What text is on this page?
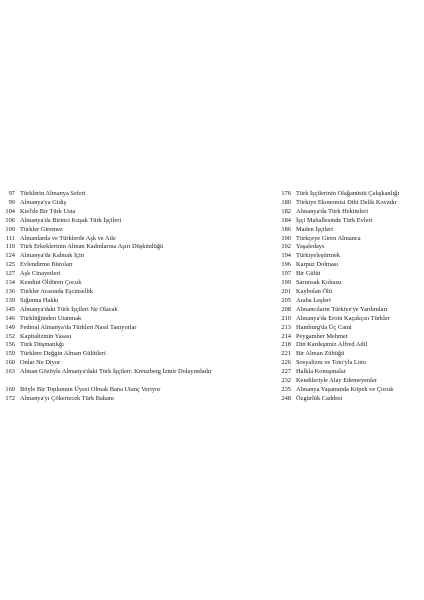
97 Türklerin Almanya Seferi
99 Almanya'ya Gidiş
104 Kiel'de Bir Türk Usta
106 Almanya'da Birinci Kuşak Türk İşçileri
109 Türkler Giremez
111 Almanlarda ve Türklerde Aşk ve Aile
119 Türk Erkeklerinin Alman Kadınlarına Aşırı Düşkünlüğü
124 Almanya'da Kalmak İçin
125 Evlendirme Büroları
127 Aşk Cinayetleri
134 Kendini Öldüren Çocuk
136 Türkler Arasında Eşcinsellik
139 Sığınma Hakkı
145 Almanya'daki Türk İşçileri Ne Olacak
146 Türklüğünden Utanmak
149 Federal Almanya'da Türkleri Nasıl Tanıyorlar
152 Kapitalizmin Yasası
156 Türk Düşmanlığı
159 Türklere Değgin Alman Gülütleri
160 Onlar Ne Diyor
163 Alman Gözüyle Almanya'daki Türk İşçileri: Kreuzberg İzmir Dolayındadır
169 Böyle Bir Toplumun Üyesi Olmak Bana Utanç Veriyor
172 Almanya'yı Çökertecek Türk Bakanı
176 Türk İşçilerinin Olağanüstü Çalışkanlığı
180 Türkiye Ekonomisi Dibi Delik Kovadır
182 Almanya'da Türk Hekimleri
184 İşçi Mahallesinde Türk Evleri
186 Maden İşçileri
190 Türkçeye Giren Almanca
192 Yaşaledays
194 Türkiyeleştirmek
196 Karpuz Dolması
197 Bir Gülüt
199 Sarımsak Kokusu
201 Kaybolan Ölü
205 Araba Leşleri
208 Almancıların Türkiye'ye Yardımları
210 Almanya'da Eroin Kaçakçısı Türkler
213 Hamburg'da Üç Cami
214 Peygamber Mehmet
218 Din Kardeşimiz Alfred Adil
221 Bir Alman Zübüğü
226 Sosyalizm ve Toto'yla Loto
227 Halkla Konuşmalar
232 Kendileriyle Alay Edemeyenler
235 Almanya Yaşamında Köpek ve Çocuk
248 Özgürlük Caddesi
